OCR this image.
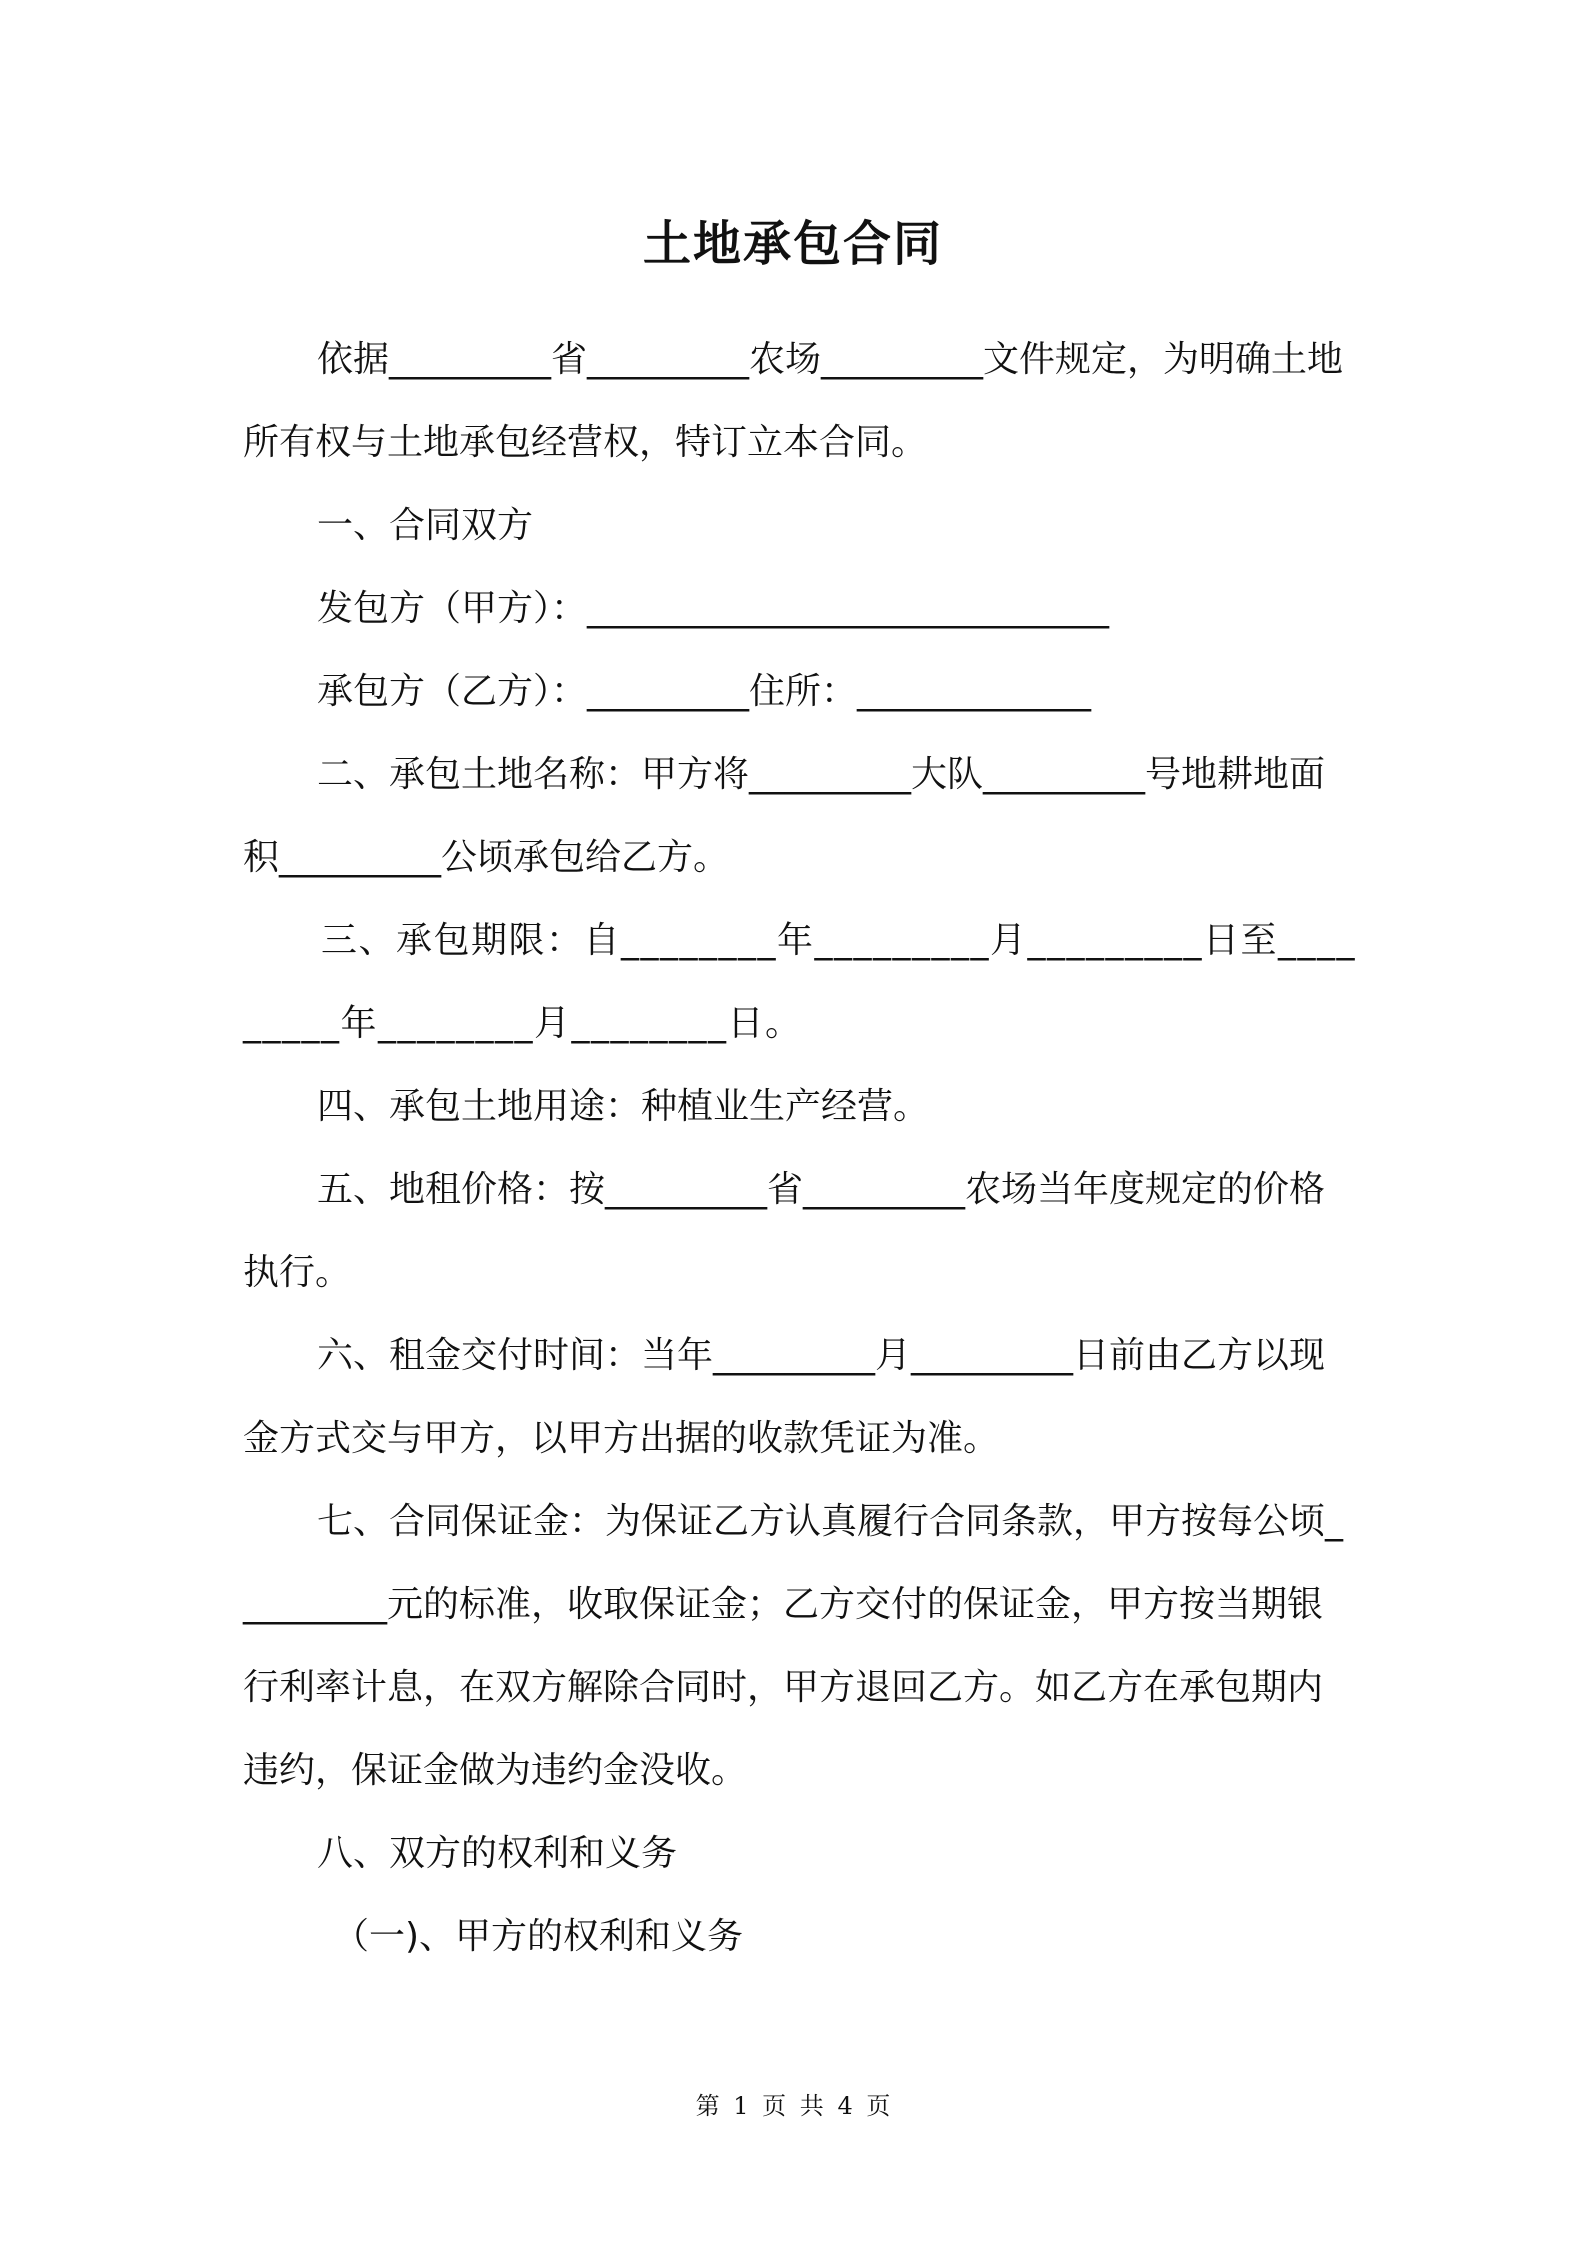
土地承包合同

依据_________省_________农场_________文件规定，为明确土地所有权与土地承包经营权，特订立本合同。

一、合同双方

发包方（甲方）：_____________________________

承包方（乙方）：_________住所：_____________

二、承包土地名称：甲方将_________大队_________号地耕地面积_________公顷承包给乙方。

三、承包期限：自________年_________月_________日至_________年________月________日。

四、承包土地用途：种植业生产经营。

五、地租价格：按_________省_________农场当年度规定的价格执行。

六、租金交付时间：当年_________月_________日前由乙方以现金方式交与甲方，以甲方出据的收款凭证为准。

七、合同保证金：为保证乙方认真履行合同条款，甲方按每公顷_________元的标准，收取保证金；乙方交付的保证金，甲方按当期银行利率计息，在双方解除合同时，甲方退回乙方。如乙方在承包期内违约，保证金做为违约金没收。

八、双方的权利和义务

（一)、甲方的权利和义务

第 1 页 共 4 页
